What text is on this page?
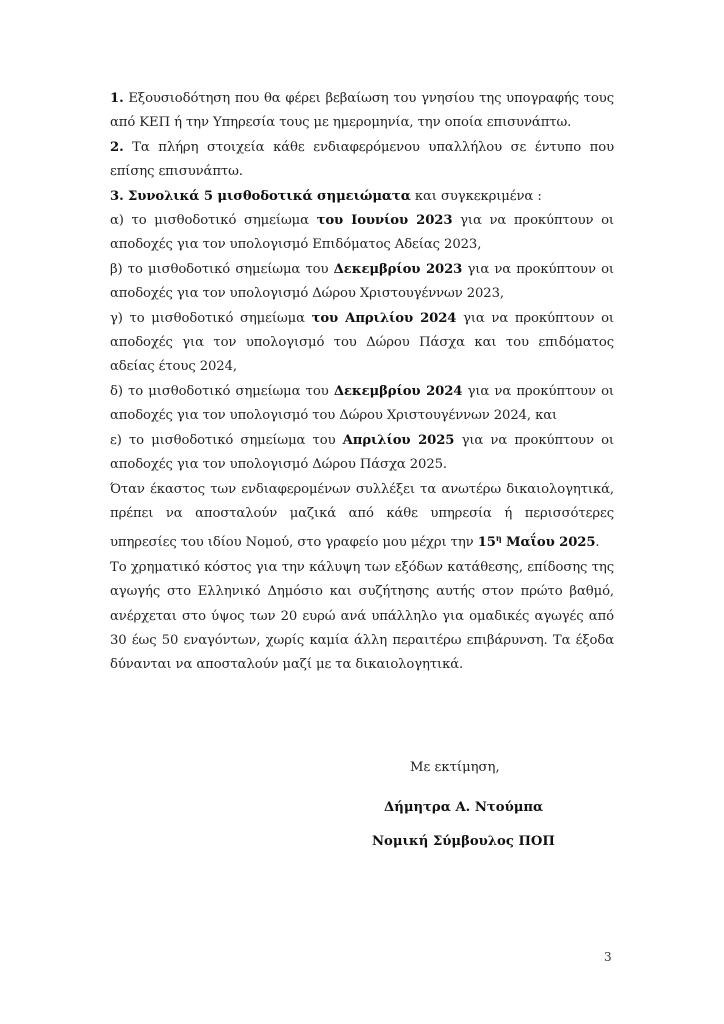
1. Εξουσιοδότηση που θα φέρει βεβαίωση του γνησίου της υπογραφής τους από ΚΕΠ ή την Υπηρεσία τους με ημερομηνία, την οποία επισυνάπτω.

2. Τα πλήρη στοιχεία κάθε ενδιαφερόμενου υπαλλήλου σε έντυπο που επίσης επισυνάπτω.

3. Συνολικά 5 μισθοδοτικά σημειώματα και συγκεκριμένα :

α) το μισθοδοτικό σημείωμα του Ιουνίου 2023 για να προκύπτουν οι αποδοχές για τον υπολογισμό Επιδόματος Αδείας 2023,

β) το μισθοδοτικό σημείωμα του Δεκεμβρίου 2023 για να προκύπτουν οι αποδοχές για τον υπολογισμό Δώρου Χριστουγέννων 2023,

γ) το μισθοδοτικό σημείωμα του Απριλίου 2024 για να προκύπτουν οι αποδοχές για τον υπολογισμό του Δώρου Πάσχα και του επιδόματος αδείας έτους 2024,

δ) το μισθοδοτικό σημείωμα του Δεκεμβρίου 2024 για να προκύπτουν οι αποδοχές για τον υπολογισμό του Δώρου Χριστουγέννων 2024, και

ε) το μισθοδοτικό σημείωμα του Απριλίου 2025 για να προκύπτουν οι αποδοχές για τον υπολογισμό Δώρου Πάσχα 2025.

Όταν έκαστος των ενδιαφερομένων συλλέξει τα ανωτέρω δικαιολογητικά, πρέπει να αποσταλούν μαζικά από κάθε υπηρεσία ή περισσότερες υπηρεσίες του ιδίου Νομού, στο γραφείο μου μέχρι την $15^\eta$ Μαΐου 2025.

Το χρηματικό κόστος για την κάλυψη των εξόδων κατάθεσης, επίδοσης της αγωγής στο Ελληνικό Δημόσιο και συζήτησης αυτής στον πρώτο βαθμό, ανέρχεται στο ύψος των 20 ευρώ ανά υπάλληλο για ομαδικές αγωγές από 30 έως 50 εναγόντων, χωρίς καμία άλλη περαιτέρω επιβάρυνση. Τα έξοδα δύνανται να αποσταλούν μαζί με τα δικαιολογητικά.

Με εκτίμηση,
Δήμητρα Α. Ντούμπα
Νομική Σύμβουλος ΠΟΠ
3
